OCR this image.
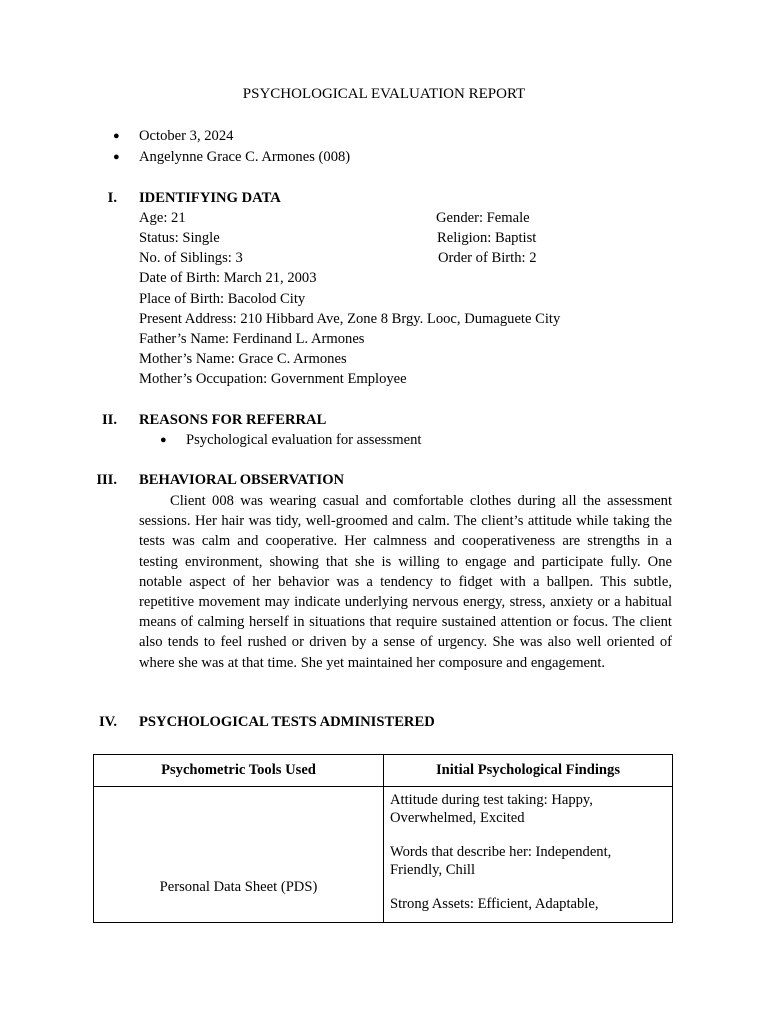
PSYCHOLOGICAL EVALUATION REPORT
●	October 3, 2024
●	Angelynne Grace C. Armones (008)
I. IDENTIFYING DATA
Age: 21	Gender: Female
Status: Single	Religion: Baptist
No. of Siblings: 3	Order of Birth: 2
Date of Birth: March 21, 2003
Place of Birth: Bacolod City
Present Address: 210 Hibbard Ave, Zone 8 Brgy. Looc, Dumaguete City
Father’s Name: Ferdinand L. Armones
Mother’s Name: Grace C. Armones
Mother’s Occupation: Government Employee
II. REASONS FOR REFERRAL
●	Psychological evaluation for assessment
III. BEHAVIORAL OBSERVATION
Client 008 was wearing casual and comfortable clothes during all the assessment sessions. Her hair was tidy, well-groomed and calm. The client’s attitude while taking the tests was calm and cooperative. Her calmness and cooperativeness are strengths in a testing environment, showing that she is willing to engage and participate fully. One notable aspect of her behavior was a tendency to fidget with a ballpen. This subtle, repetitive movement may indicate underlying nervous energy, stress, anxiety or a habitual means of calming herself in situations that require sustained attention or focus. The client also tends to feel rushed or driven by a sense of urgency. She was also well oriented of where she was at that time. She yet maintained her composure and engagement.
IV. PSYCHOLOGICAL TESTS ADMINISTERED
Psychometric Tools Used	Initial Psychological Findings

Personal Data Sheet (PDS)	Attitude during test taking: Happy, Overwhelmed, Excited

Words that describe her: Independent, Friendly, Chill

Strong Assets: Efficient, Adaptable,
